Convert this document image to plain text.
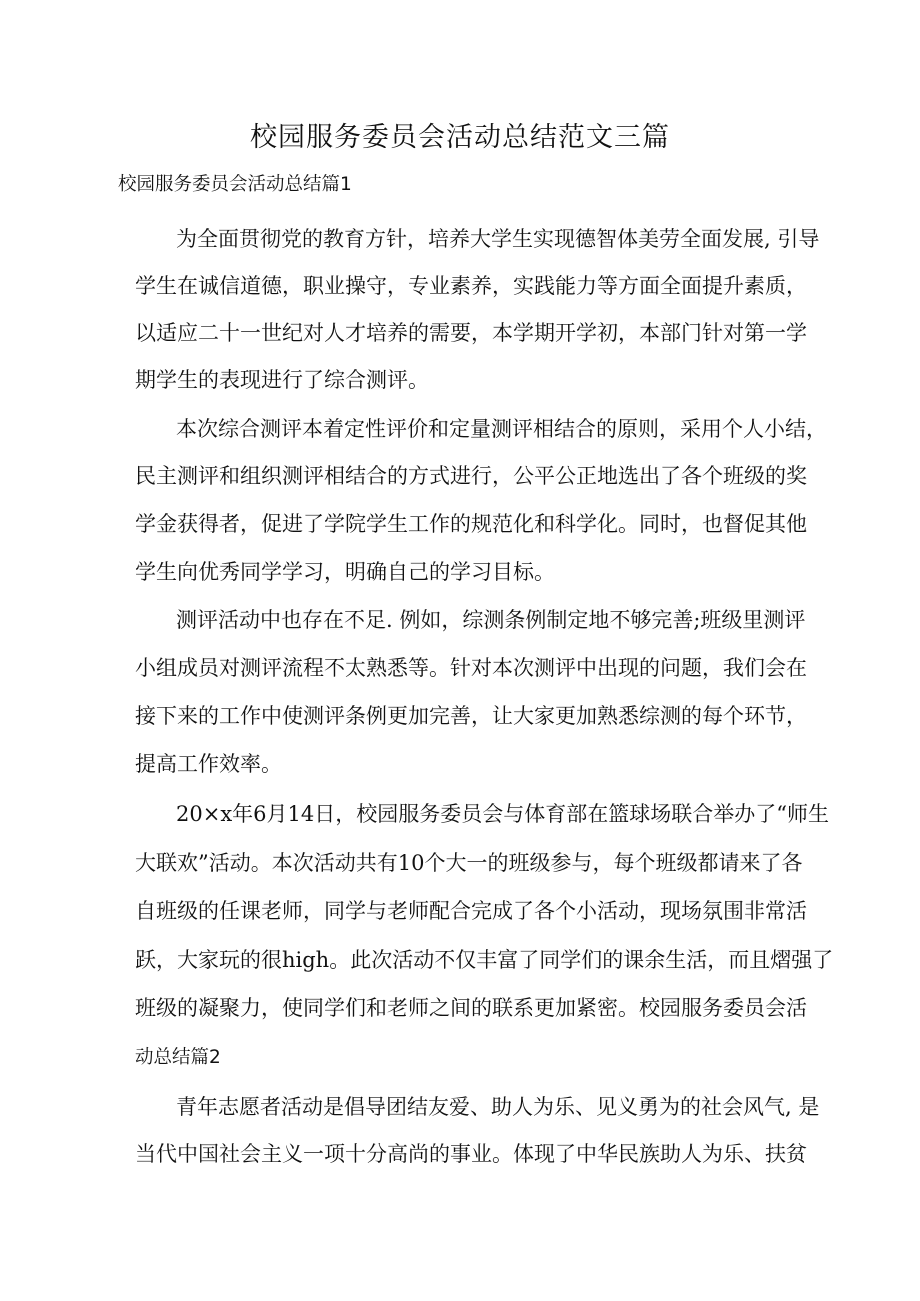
校园服务委员会活动总结范文三篇
校园服务委员会活动总结篇1
为全面贯彻党的教育方针，培养大学生实现德智体美劳全面发展, 引导
学生在诚信道德，职业操守，专业素养，实践能力等方面全面提升素质，
以适应二十一世纪对人才培养的需要，本学期开学初，本部门针对第一学
期学生的表现进行了综合测评。
本次综合测评本着定性评价和定量测评相结合的原则，采用个人小结，
民主测评和组织测评相结合的方式进行，公平公正地选出了各个班级的奖
学金获得者，促进了学院学生工作的规范化和科学化。同时，也督促其他
学生向优秀同学学习，明确自己的学习目标。
测评活动中也存在不足. 例如，综测条例制定地不够完善;班级里测评
小组成员对测评流程不太熟悉等。针对本次测评中出现的问题，我们会在
接下来的工作中使测评条例更加完善，让大家更加熟悉综测的每个环节，
提高工作效率。
20×x年6月14日，校园服务委员会与体育部在篮球场联合举办了“师生
大联欢”活动。本次活动共有10个大一的班级参与，每个班级都请来了各
自班级的任课老师，同学与老师配合完成了各个小活动，现场氛围非常活
跃，大家玩的很high。此次活动不仅丰富了同学们的课余生活，而且熠强了
班级的凝聚力，使同学们和老师之间的联系更加紧密。校园服务委员会活
动总结篇2
青年志愿者活动是倡导团结友爱、助人为乐、见义勇为的社会风气, 是
当代中国社会主义一项十分高尚的事业。体现了中华民族助人为乐、扶贫
